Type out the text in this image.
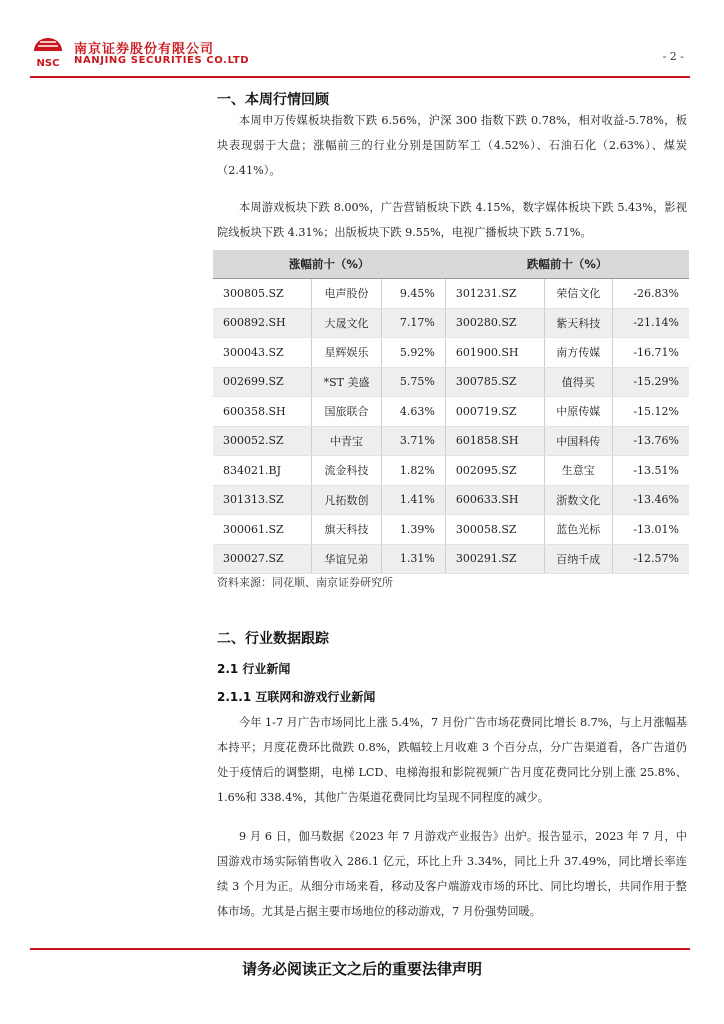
NSC
南京证券股份有限公司
NANJING SECURITIES CO.LTD	- 2 -
一、本周行情回顾

本周申万传媒板块指数下跌 6.56%，沪深 300 指数下跌 0.78%，相对收益-5.78%，板块表现弱于大盘；涨幅前三的行业分别是国防军工（4.52%）、石油石化（2.63%）、煤炭（2.41%）。

本周游戏板块下跌 8.00%，广告营销板块下跌 4.15%，数字媒体板块下跌 5.43%，影视院线板块下跌 4.31%；出版板块下跌 9.55%，电视广播板块下跌 5.71%。

涨幅前十（%）			跌幅前十（%）		
300805.SZ	电声股份	9.45%	301231.SZ	荣信文化	-26.83%
600892.SH	大晟文化	7.17%	300280.SZ	紫天科技	-21.14%
300043.SZ	星辉娱乐	5.92%	601900.SH	南方传媒	-16.71%
002699.SZ	*ST 美盛	5.75%	300785.SZ	值得买	-15.29%
600358.SH	国旅联合	4.63%	000719.SZ	中原传媒	-15.12%
300052.SZ	中青宝	3.71%	601858.SH	中国科传	-13.76%
834021.BJ	流金科技	1.82%	002095.SZ	生意宝	-13.51%
301313.SZ	凡拓数创	1.41%	600633.SH	浙数文化	-13.46%
300061.SZ	旗天科技	1.39%	300058.SZ	蓝色光标	-13.01%
300027.SZ	华谊兄弟	1.31%	300291.SZ	百纳千成	-12.57%
资料来源：同花顺、南京证券研究所
二、行业数据跟踪
2.1 行业新闻
2.1.1 互联网和游戏行业新闻

今年 1-7 月广告市场同比上涨 5.4%，7 月份广告市场花费同比增长 8.7%，与上月涨幅基本持平；月度花费环比微跌 0.8%，跌幅较上月收难 3 个百分点，分广告渠道看，各广告道仍处于疫情后的调整期，电梯 LCD、电梯海报和影院视频广告月度花费同比分别上涨 25.8%、1.6%和 338.4%，其他广告渠道花费同比均呈现不同程度的减少。

9 月 6 日，伽马数据《2023 年 7 月游戏产业报告》出炉。报告显示，2023 年 7 月，中国游戏市场实际销售收入 286.1 亿元，环比上升 3.34%，同比上升 37.49%，同比增长率连续 3 个月为正。从细分市场来看，移动及客户端游戏市场的环比、同比均增长，共同作用于整体市场。尤其是占据主要市场地位的移动游戏，7 月份强势回暖。

请务必阅读正文之后的重要法律声明
